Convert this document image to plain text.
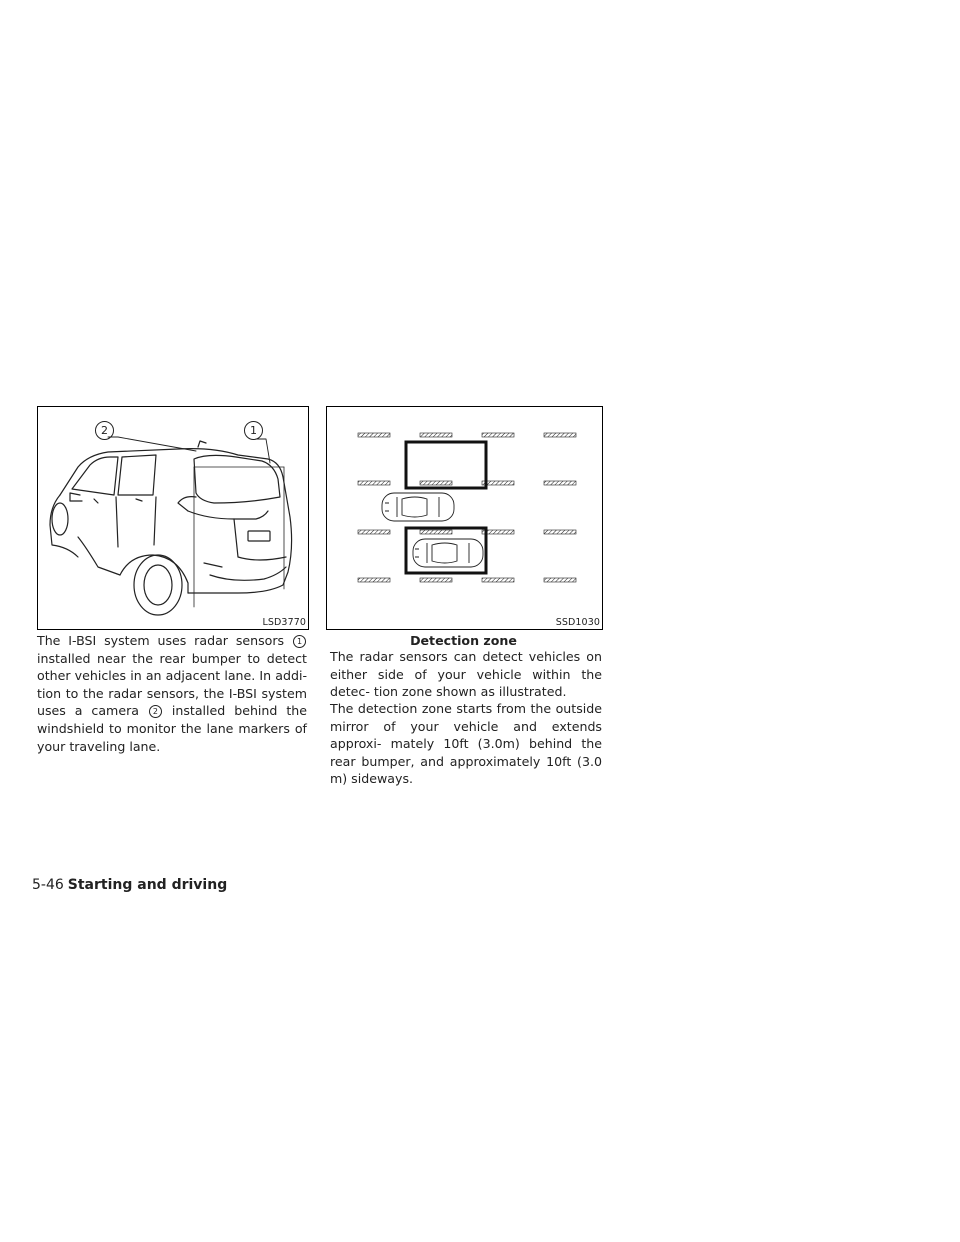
2	1
LSD3770	SSD1030

The I-BSI system uses radar sensors 1 installed near the rear bumper to detect other vehicles in an adjacent lane. In addi- tion to the radar sensors, the I-BSI system uses a camera 2 installed behind the windshield to monitor the lane markers of your traveling lane.

Detection zone

The radar sensors can detect vehicles on either side of your vehicle within the detec- tion zone shown as illustrated.

The detection zone starts from the outside mirror of your vehicle and extends approxi- mately 10ft (3.0m) behind the rear bumper, and approximately 10ft (3.0 m) sideways.

5-46 Starting and driving
